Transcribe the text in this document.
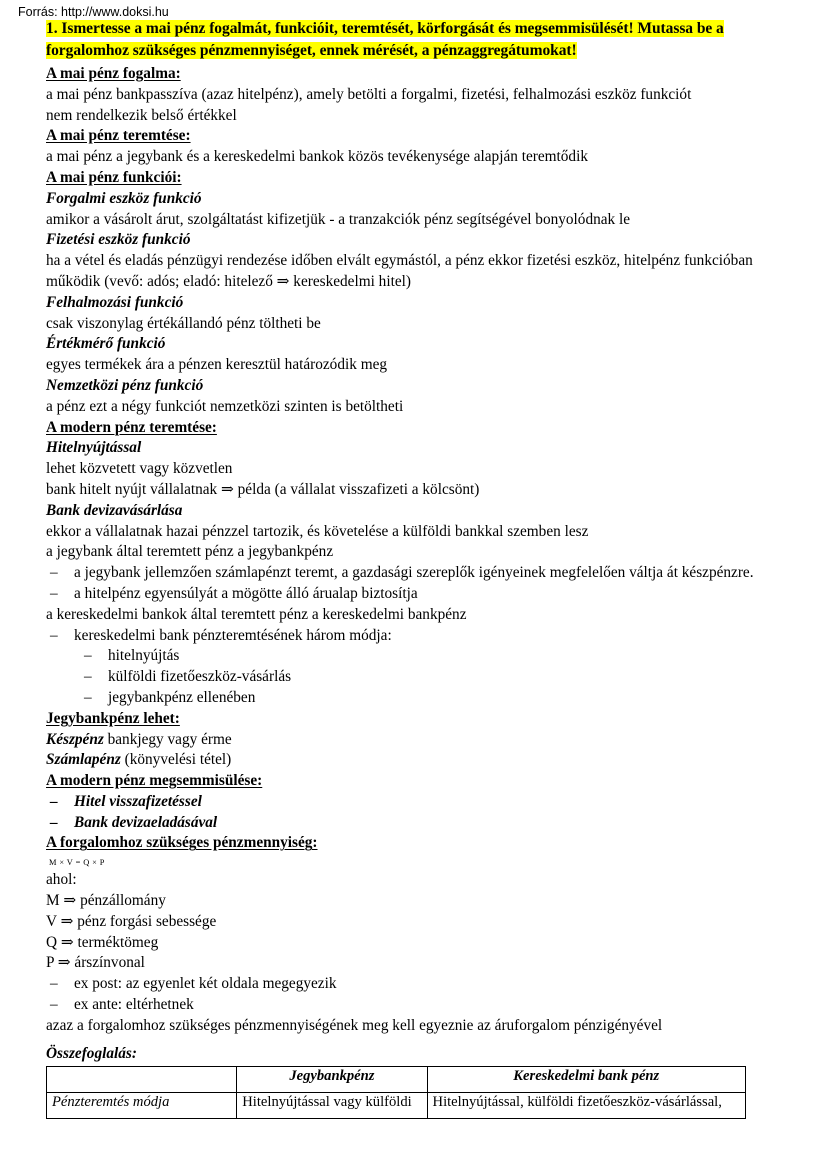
Forrás: http://www.doksi.hu
1. Ismertesse a mai pénz fogalmát, funkcióit, teremtését, körforgását és megsemmisülését! Mutassa be a
forgalomhoz szükséges pénzmennyiséget, ennek mérését, a pénzaggregátumokat!
A mai pénz fogalma:
a mai pénz bankpasszíva (azaz hitelpénz), amely betölti a forgalmi, fizetési, felhalmozási eszköz funkciót
nem rendelkezik belső értékkel
A mai pénz teremtése:
a mai pénz a jegybank és a kereskedelmi bankok közös tevékenysége alapján teremtődik
A mai pénz funkciói:
Forgalmi eszköz funkció
amikor a vásárolt árut, szolgáltatást kifizetjük - a tranzakciók pénz segítségével bonyolódnak le
Fizetési eszköz funkció
ha a vétel és eladás pénzügyi rendezése időben elvált egymástól, a pénz ekkor fizetési eszköz, hitelpénz funkcióban
működik (vevő: adós; eladó: hitelező ⇒ kereskedelmi hitel)
Felhalmozási funkció
csak viszonylag értékállandó pénz töltheti be
Értékmérő funkció
egyes termékek ára a pénzen keresztül határozódik meg
Nemzetközi pénz funkció
a pénz ezt a négy funkciót nemzetközi szinten is betöltheti
A modern pénz teremtése:
Hitelnyújtással
lehet közvetett vagy közvetlen
bank hitelt nyújt vállalatnak ⇒ példa (a vállalat visszafizeti a kölcsönt)
Bank devizavásárlása
ekkor a vállalatnak hazai pénzzel tartozik, és követelése a külföldi bankkal szemben lesz
a jegybank által teremtett pénz a jegybankpénz
– a jegybank jellemzően számlapénzt teremt, a gazdasági szereplők igényeinek megfelelően váltja át készpénzre.
– a hitelpénz egyensúlyát a mögötte álló árualap biztosítja
a kereskedelmi bankok által teremtett pénz a kereskedelmi bankpénz
– kereskedelmi bank pénzteremtésének három módja:
– hitelnyújtás
– külföldi fizetőeszköz-vásárlás
– jegybankpénz ellenében
Jegybankpénz lehet:
Készpénz bankjegy vagy érme
Számlapénz (könyvelési tétel)
A modern pénz megsemmisülése:
– Hitel visszafizetéssel
– Bank devizaeladásával
A forgalomhoz szükséges pénzmennyiség:
M × V = Q × P
ahol:
M ⇒ pénzállomány
V ⇒ pénz forgási sebessége
Q ⇒ terméktömeg
P ⇒ árszínvonal
– ex post: az egyenlet két oldala megegyezik
– ex ante: eltérhetnek
azaz a forgalomhoz szükséges pénzmennyiségének meg kell egyeznie az áruforgalom pénzigényével
Összefoglalás:
	Jegybankpénz	Kereskedelmi bank pénz
Pénzteremtés módja	Hitelnyújtással vagy külföldi	Hitelnyújtással, külföldi fizetőeszköz-vásárlással,
